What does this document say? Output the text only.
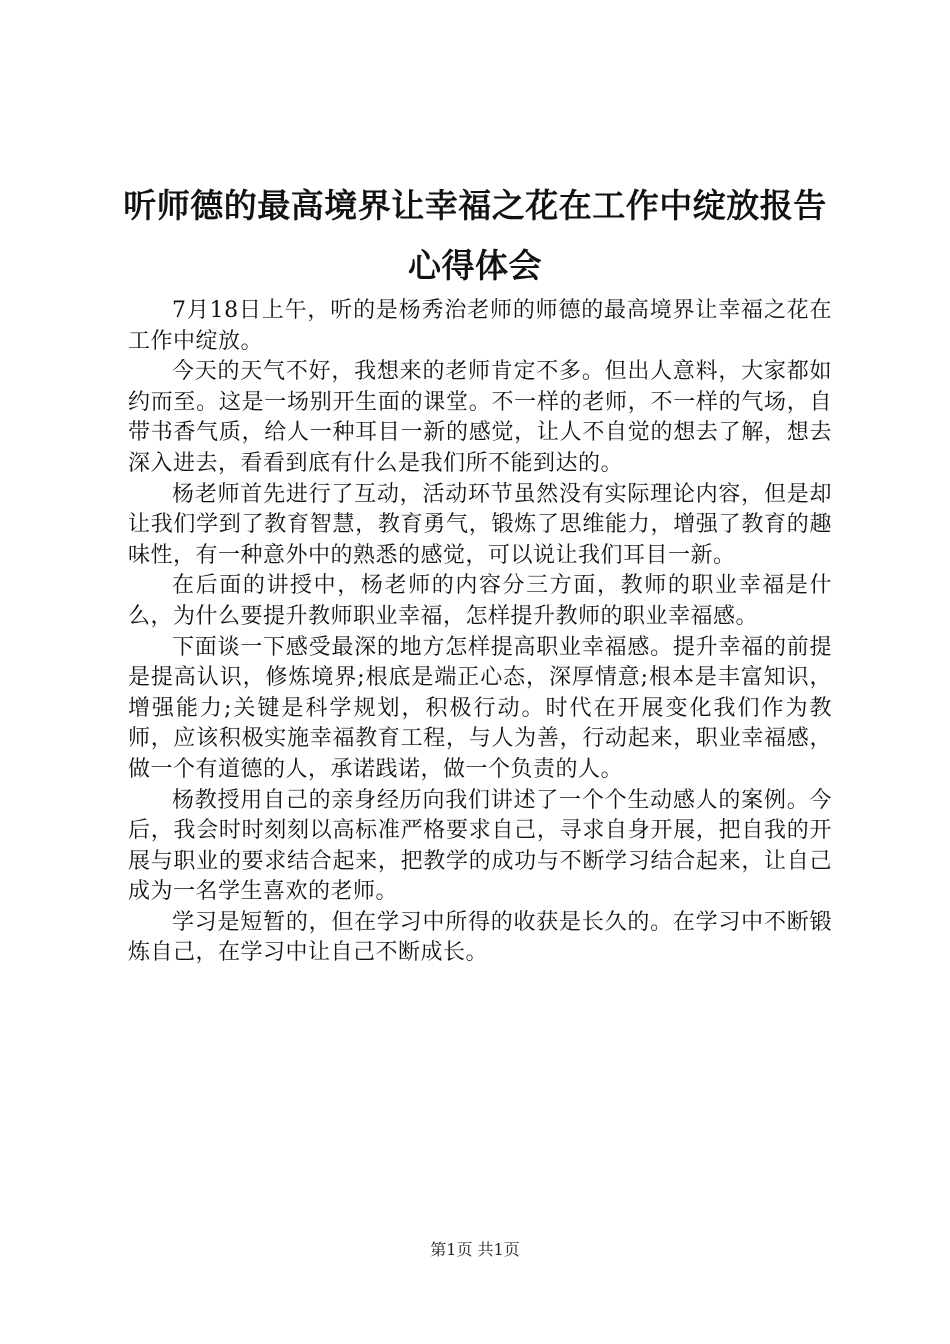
听师德的最高境界让幸福之花在工作中绽放报告心得体会

7月18日上午，听的是杨秀治老师的师德的最高境界让幸福之花在工作中绽放。

今天的天气不好，我想来的老师肯定不多。但出人意料，大家都如约而至。这是一场别开生面的课堂。不一样的老师，不一样的气场，自带书香气质，给人一种耳目一新的感觉，让人不自觉的想去了解，想去深入进去，看看到底有什么是我们所不能到达的。

杨老师首先进行了互动，活动环节虽然没有实际理论内容，但是却让我们学到了教育智慧，教育勇气，锻炼了思维能力，增强了教育的趣味性，有一种意外中的熟悉的感觉，可以说让我们耳目一新。

在后面的讲授中，杨老师的内容分三方面，教师的职业幸福是什么，为什么要提升教师职业幸福，怎样提升教师的职业幸福感。

下面谈一下感受最深的地方怎样提高职业幸福感。提升幸福的前提是提高认识，修炼境界;根底是端正心态，深厚情意;根本是丰富知识，增强能力;关键是科学规划，积极行动。时代在开展变化我们作为教师，应该积极实施幸福教育工程，与人为善，行动起来，职业幸福感，做一个有道德的人，承诺践诺，做一个负责的人。

杨教授用自己的亲身经历向我们讲述了一个个生动感人的案例。今后，我会时时刻刻以高标准严格要求自己，寻求自身开展，把自我的开展与职业的要求结合起来，把教学的成功与不断学习结合起来，让自己成为一名学生喜欢的老师。

学习是短暂的，但在学习中所得的收获是长久的。在学习中不断锻炼自己，在学习中让自己不断成长。

第1页 共1页
